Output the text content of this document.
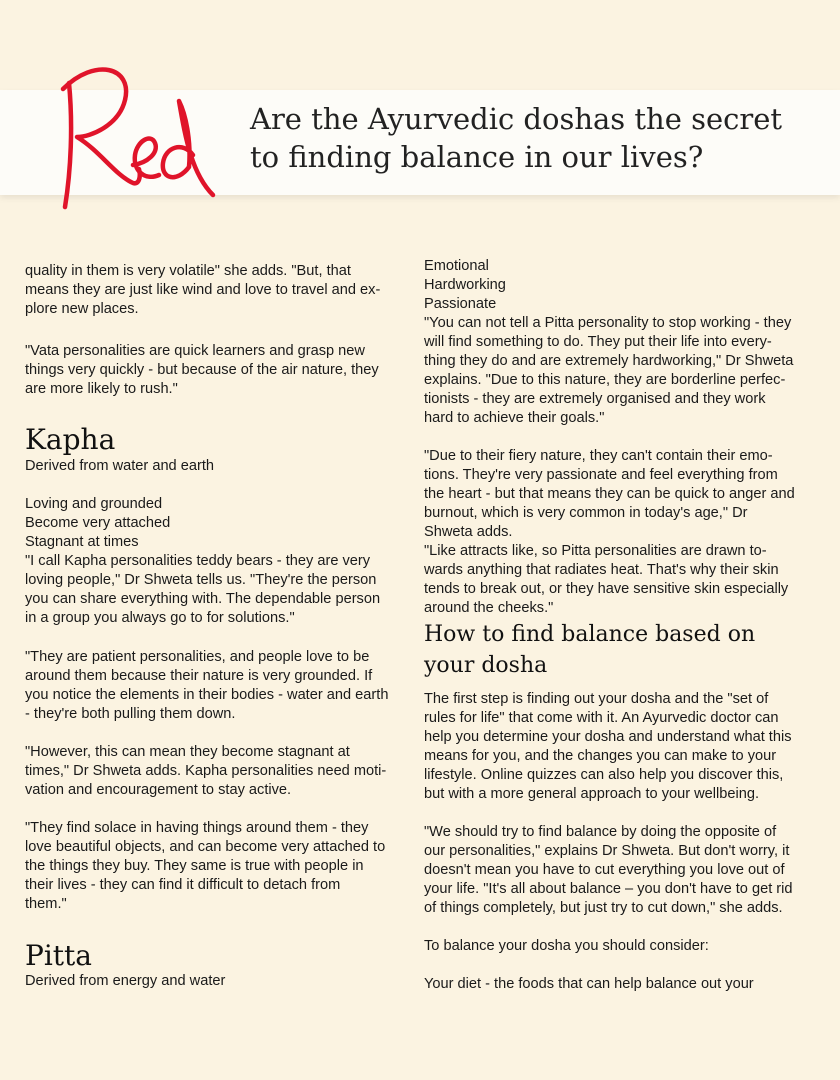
Are the Ayurvedic doshas the secret
to finding balance in our lives?
quality in them is very volatile" she adds. "But, that
means they are just like wind and love to travel and ex-
plore new places.
"Vata personalities are quick learners and grasp new
things very quickly - but because of the air nature, they
are more likely to rush."
Kapha
Derived from water and earth
Loving and grounded
Become very attached
Stagnant at times
"I call Kapha personalities teddy bears - they are very
loving people," Dr Shweta tells us. "They're the person
you can share everything with. The dependable person
in a group you always go to for solutions."
"They are patient personalities, and people love to be
around them because their nature is very grounded. If
you notice the elements in their bodies - water and earth
- they're both pulling them down.
"However, this can mean they become stagnant at
times," Dr Shweta adds. Kapha personalities need moti-
vation and encouragement to stay active.
"They find solace in having things around them - they
love beautiful objects, and can become very attached to
the things they buy. They same is true with people in
their lives - they can find it difficult to detach from
them."
Pitta
Derived from energy and water
Emotional
Hardworking
Passionate
"You can not tell a Pitta personality to stop working - they
will find something to do. They put their life into every-
thing they do and are extremely hardworking," Dr Shweta
explains. "Due to this nature, they are borderline perfec-
tionists - they are extremely organised and they work
hard to achieve their goals."
"Due to their fiery nature, they can't contain their emo-
tions. They're very passionate and feel everything from
the heart - but that means they can be quick to anger and
burnout, which is very common in today's age," Dr
Shweta adds.
"Like attracts like, so Pitta personalities are drawn to-
wards anything that radiates heat. That's why their skin
tends to break out, or they have sensitive skin especially
around the cheeks."
How to find balance based on
your dosha
The first step is finding out your dosha and the "set of
rules for life" that come with it. An Ayurvedic doctor can
help you determine your dosha and understand what this
means for you, and the changes you can make to your
lifestyle. Online quizzes can also help you discover this,
but with a more general approach to your wellbeing.
"We should try to find balance by doing the opposite of
our personalities," explains Dr Shweta. But don't worry, it
doesn't mean you have to cut everything you love out of
your life. "It's all about balance – you don't have to get rid
of things completely, but just try to cut down," she adds.
To balance your dosha you should consider:
Your diet - the foods that can help balance out your
